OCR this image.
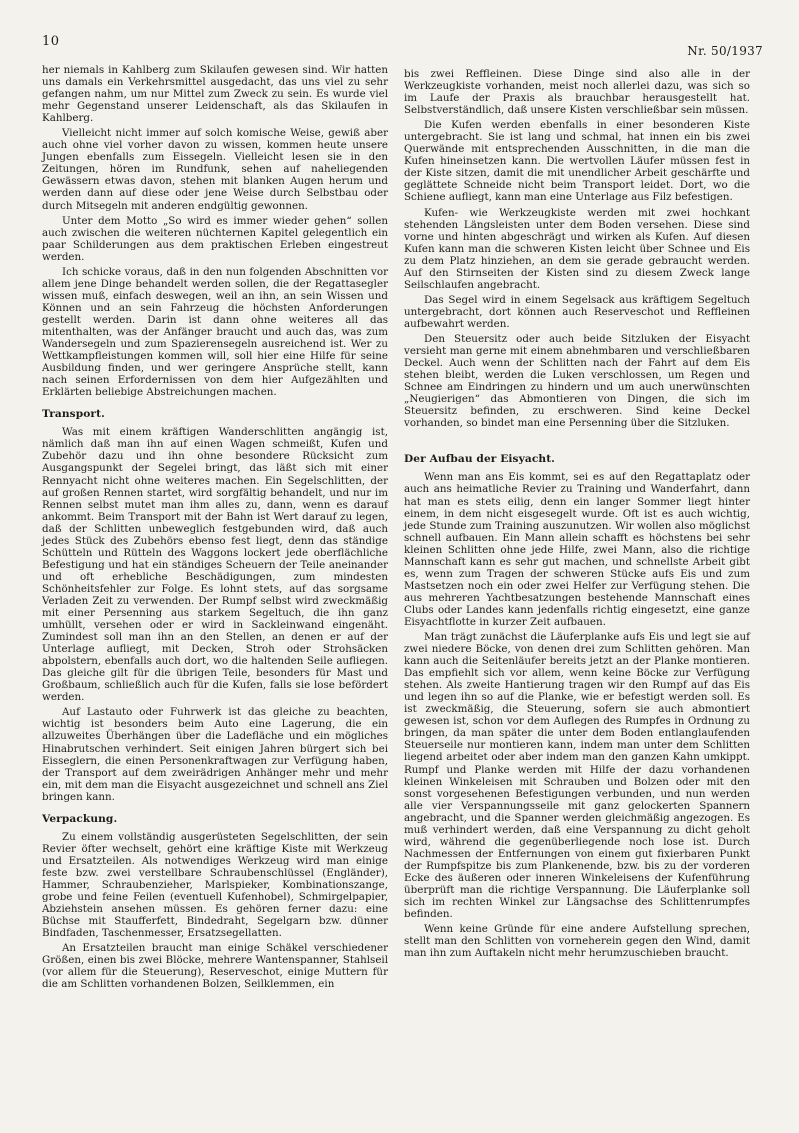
10
Nr. 50/1937

her niemals in Kahlberg zum Skilaufen gewesen sind. Wir hatten uns damals ein Verkehrsmittel ausgedacht, das uns viel zu sehr gefangen nahm, um nur Mittel zum Zweck zu sein. Es wurde viel mehr Gegenstand unserer Leidenschaft, als das Skilaufen in Kahlberg.

Vielleicht nicht immer auf solch komische Weise, gewiß aber auch ohne viel vorher davon zu wissen, kommen heute unsere Jungen ebenfalls zum Eissegeln. Vielleicht lesen sie in den Zeitungen, hören im Rundfunk, sehen auf naheliegenden Gewässern etwas davon, stehen mit blanken Augen herum und werden dann auf diese oder jene Weise durch Selbstbau oder durch Mitsegeln mit anderen endgültig gewonnen.

Unter dem Motto „So wird es immer wieder gehen“ sollen auch zwischen die weiteren nüchternen Kapitel gelegentlich ein paar Schilderungen aus dem praktischen Erleben eingestreut werden.

Ich schicke voraus, daß in den nun folgenden Abschnitten vor allem jene Dinge behandelt werden sollen, die der Regattasegler wissen muß, einfach deswegen, weil an ihn, an sein Wissen und Können und an sein Fahrzeug die höchsten Anforderungen gestellt werden. Darin ist dann ohne weiteres all das mitenthalten, was der Anfänger braucht und auch das, was zum Wandersegeln und zum Spazierensegeln ausreichend ist. Wer zu Wettkampfleistungen kommen will, soll hier eine Hilfe für seine Ausbildung finden, und wer geringere Ansprüche stellt, kann nach seinen Erfordernissen von dem hier Aufgezählten und Erklärten beliebige Abstreichungen machen.

Transport.

Was mit einem kräftigen Wanderschlitten angängig ist, nämlich daß man ihn auf einen Wagen schmeißt, Kufen und Zubehör dazu und ihn ohne besondere Rücksicht zum Ausgangspunkt der Segelei bringt, das läßt sich mit einer Rennyacht nicht ohne weiteres machen. Ein Segelschlitten, der auf großen Rennen startet, wird sorgfältig behandelt, und nur im Rennen selbst mutet man ihm alles zu, dann, wenn es darauf ankommt. Beim Transport mit der Bahn ist Wert darauf zu legen, daß der Schlitten unbeweglich festgebunden wird, daß auch jedes Stück des Zubehörs ebenso fest liegt, denn das ständige Schütteln und Rütteln des Waggons lockert jede oberflächliche Befestigung und hat ein ständiges Scheuern der Teile aneinander und oft erhebliche Beschädigungen, zum mindesten Schönheitsfehler zur Folge. Es lohnt stets, auf das sorgsame Verladen Zeit zu verwenden. Der Rumpf selbst wird zweckmäßig mit einer Persenning aus starkem Segeltuch, die ihn ganz umhüllt, versehen oder er wird in Sackleinwand eingenäht. Zumindest soll man ihn an den Stellen, an denen er auf der Unterlage aufliegt, mit Decken, Stroh oder Strohsäcken abpolstern, ebenfalls auch dort, wo die haltenden Seile aufliegen. Das gleiche gilt für die übrigen Teile, besonders für Mast und Großbaum, schließlich auch für die Kufen, falls sie lose befördert werden.

Auf Lastauto oder Fuhrwerk ist das gleiche zu beachten, wichtig ist besonders beim Auto eine Lagerung, die ein allzuweites Überhängen über die Ladefläche und ein mögliches Hinabrutschen verhindert. Seit einigen Jahren bürgert sich bei Eisseglern, die einen Personenkraftwagen zur Verfügung haben, der Transport auf dem zweirädrigen Anhänger mehr und mehr ein, mit dem man die Eisyacht ausgezeichnet und schnell ans Ziel bringen kann.

Verpackung.

Zu einem vollständig ausgerüsteten Segelschlitten, der sein Revier öfter wechselt, gehört eine kräftige Kiste mit Werkzeug und Ersatzteilen. Als notwendiges Werkzeug wird man einige feste bzw. zwei verstellbare Schraubenschlüssel (Engländer), Hammer, Schraubenzieher, Marlspieker, Kombinationszange, grobe und feine Feilen (eventuell Kufenhobel), Schmirgelpapier, Abziehstein ansehen müssen. Es gehören ferner dazu: eine Büchse mit Staufferfett, Bindedraht, Segelgarn bzw. dünner Bindfaden, Taschenmesser, Ersatzsegellatten.

An Ersatzteilen braucht man einige Schäkel verschiedener Größen, einen bis zwei Blöcke, mehrere Wantenspanner, Stahlseil (vor allem für die Steuerung), Reserveschot, einige Muttern für die am Schlitten vorhandenen Bolzen, Seilklemmen, ein

bis zwei Reffleinen. Diese Dinge sind also alle in der Werkzeugkiste vorhanden, meist noch allerlei dazu, was sich so im Laufe der Praxis als brauchbar herausgestellt hat. Selbstverständlich, daß unsere Kisten verschließbar sein müssen.

Die Kufen werden ebenfalls in einer besonderen Kiste untergebracht. Sie ist lang und schmal, hat innen ein bis zwei Querwände mit entsprechenden Ausschnitten, in die man die Kufen hineinsetzen kann. Die wertvollen Läufer müssen fest in der Kiste sitzen, damit die mit unendlicher Arbeit geschärfte und geglättete Schneide nicht beim Transport leidet. Dort, wo die Schiene aufliegt, kann man eine Unterlage aus Filz befestigen.

Kufen- wie Werkzeugkiste werden mit zwei hochkant stehenden Längsleisten unter dem Boden versehen. Diese sind vorne und hinten abgeschrägt und wirken als Kufen. Auf diesen Kufen kann man die schweren Kisten leicht über Schnee und Eis zu dem Platz hinziehen, an dem sie gerade gebraucht werden. Auf den Stirnseiten der Kisten sind zu diesem Zweck lange Seilschlaufen angebracht.

Das Segel wird in einem Segelsack aus kräftigem Segeltuch untergebracht, dort können auch Reserveschot und Reffleinen aufbewahrt werden.

Den Steuersitz oder auch beide Sitzluken der Eisyacht versieht man gerne mit einem abnehmbaren und verschließbaren Deckel. Auch wenn der Schlitten nach der Fahrt auf dem Eis stehen bleibt, werden die Luken verschlossen, um Regen und Schnee am Eindringen zu hindern und um auch unerwünschten „Neugierigen“ das Abmontieren von Dingen, die sich im Steuersitz befinden, zu erschweren. Sind keine Deckel vorhanden, so bindet man eine Persenning über die Sitzluken.

Der Aufbau der Eisyacht.

Wenn man ans Eis kommt, sei es auf den Regattaplatz oder auch ans heimatliche Revier zu Training und Wanderfahrt, dann hat man es stets eilig, denn ein langer Sommer liegt hinter einem, in dem nicht eisgesegelt wurde. Oft ist es auch wichtig, jede Stunde zum Training auszunutzen. Wir wollen also möglichst schnell aufbauen. Ein Mann allein schafft es höchstens bei sehr kleinen Schlitten ohne jede Hilfe, zwei Mann, also die richtige Mannschaft kann es sehr gut machen, und schnellste Arbeit gibt es, wenn zum Tragen der schweren Stücke aufs Eis und zum Mastsetzen noch ein oder zwei Helfer zur Verfügung stehen. Die aus mehreren Yachtbesatzungen bestehende Mannschaft eines Clubs oder Landes kann jedenfalls richtig eingesetzt, eine ganze Eisyachtflotte in kurzer Zeit aufbauen.

Man trägt zunächst die Läuferplanke aufs Eis und legt sie auf zwei niedere Böcke, von denen drei zum Schlitten gehören. Man kann auch die Seitenläufer bereits jetzt an der Planke montieren. Das empfiehlt sich vor allem, wenn keine Böcke zur Verfügung stehen. Als zweite Hantierung tragen wir den Rumpf auf das Eis und legen ihn so auf die Planke, wie er befestigt werden soll. Es ist zweckmäßig, die Steuerung, sofern sie auch abmontiert gewesen ist, schon vor dem Auflegen des Rumpfes in Ordnung zu bringen, da man später die unter dem Boden entlanglaufenden Steuerseile nur montieren kann, indem man unter dem Schlitten liegend arbeitet oder aber indem man den ganzen Kahn umkippt. Rumpf und Planke werden mit Hilfe der dazu vorhandenen kleinen Winkeleisen mit Schrauben und Bolzen oder mit den sonst vorgesehenen Befestigungen verbunden, und nun werden alle vier Verspannungsseile mit ganz gelockerten Spannern angebracht, und die Spanner werden gleichmäßig angezogen. Es muß verhindert werden, daß eine Verspannung zu dicht geholt wird, während die gegenüberliegende noch lose ist. Durch Nachmessen der Entfernungen von einem gut fixierbaren Punkt der Rumpfspitze bis zum Plankenende, bzw. bis zu der vorderen Ecke des äußeren oder inneren Winkeleisens der Kufenführung überprüft man die richtige Verspannung. Die Läuferplanke soll sich im rechten Winkel zur Längsachse des Schlittenrumpfes befinden.

Wenn keine Gründe für eine andere Aufstellung sprechen, stellt man den Schlitten von vorneherein gegen den Wind, damit man ihn zum Auftakeln nicht mehr herumzuschieben braucht.
